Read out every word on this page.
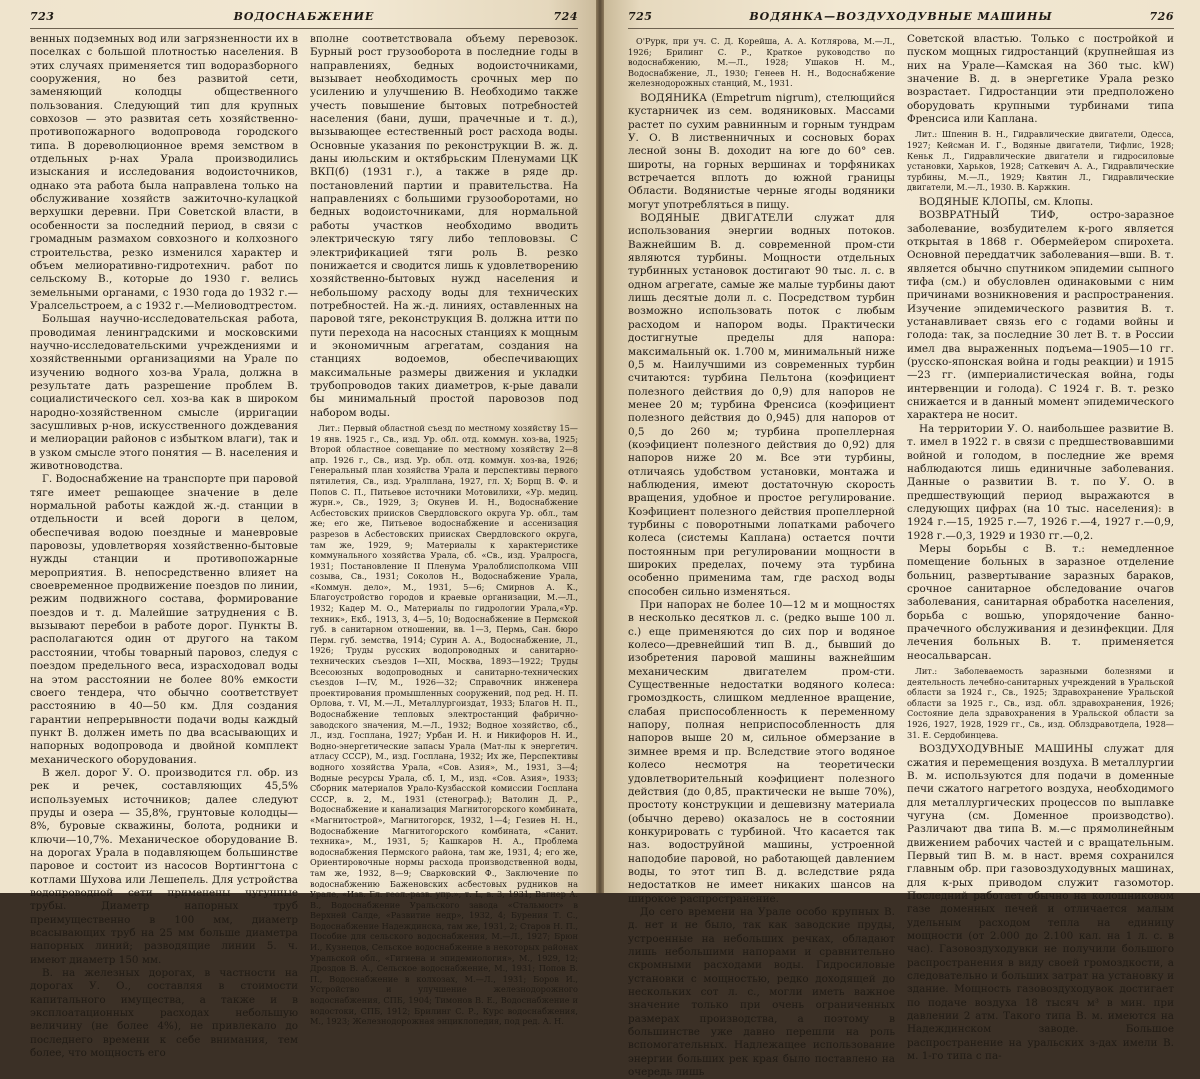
723	ВОДОСНАБЖЕНИЕ	724

венных подземных вод или загрязненности их в поселках с большой плотностью населения. В этих случаях применяется тип водоразборного сооружения, но без развитой сети, заменяющий колодцы общественного пользования. Следующий тип для крупных совхозов — это развитая сеть хозяйственно-противопожарного водопровода городского типа. В дореволюционное время земством в отдельных р-нах Урала производились изыскания и исследования водоисточников, однако эта работа была направлена только на обслуживание хозяйств зажиточно-кулацкой верхушки деревни. При Советской власти, в особенности за последний период, в связи с громадным размахом совхозного и колхозного строительства, резко изменился характер и объем мелиоративно-гидротехнич. работ по сельскому В., которые до 1930 г. велись земельными органами, с 1930 года до 1932 г.— Уралсельстроем, а с 1932 г.—Мелиоводтрестом.

Большая научно-исследовательская работа, проводимая ленинградскими и московскими научно-исследовательскими учреждениями и хозяйственными организациями на Урале по изучению водного хоз-ва Урала, должна в результате дать разрешение проблем В. социалистического сел. хоз-ва как в широком народно-хозяйственном смысле (ирригации засушливых р-нов, искусственного дождевания и мелиорации районов с избытком влаги), так и в узком смысле этого понятия — В. населения и животноводства.

Г. Водоснабжение на транспорте при паровой тяге имеет решающее значение в деле нормальной работы каждой ж.-д. станции в отдельности и всей дороги в целом, обеспечивая водою поездные и маневровые паровозы, удовлетворяя хозяйственно-бытовые нужды станции и противопожарные мероприятия. В. непосредственно влияет на своевременное продвижение поездов по линии, режим подвижного состава, формирование поездов и т. д. Малейшие затруднения с В. вызывают перебои в работе дорог. Пункты В. располагаются один от другого на таком расстоянии, чтобы товарный паровоз, следуя с поездом предельного веса, израсходовал воды на этом расстоянии не более 80% емкости своего тендера, что обычно соответствует расстоянию в 40—50 км. Для создания гарантии непрерывности подачи воды каждый пункт В. должен иметь по два всасывающих и напорных водопровода и двойной комплект механического оборудования.

В жел. дорог У. О. производится гл. обр. из рек и речек, составляющих 45,5% используемых источников; далее следуют пруды и озера — 35,8%, грунтовые колодцы—8%, буровые скважины, болота, родники и ключи—10,7%. Механическое оборудование В. на дорогах Урала в подавляющем большинстве паровое и состоит из насосов Вортингтона с котлами Шухова или Лешепель. Для устройства водопроводной сети применены чугунные трубы. Диаметр напорных труб преимущественно в 100 мм, диаметр всасывающих труб на 25 мм больше диаметра напорных линий; разводящие линии 5. ч. имеют диаметр 150 мм.

В. на железных дорогах, в частности на дорогах У. О., составляя в стоимости капитального имущества, а также и в эксплоатационных расходах небольшую величину (не более 4%), не привлекало до последнего времени к себе внимания, тем более, что мощность его

вполне соответствовала объему перевозок. Бурный рост грузооборота в последние годы в направлениях, бедных водоисточниками, вызывает необходимость срочных мер по усилению и улучшению В. Необходимо также учесть повышение бытовых потребностей населения (бани, души, прачечные и т. д.), вызывающее естественный рост расхода воды. Основные указания по реконструкции В. ж. д. даны июльским и октябрьским Пленумами ЦК ВКП(б) (1931 г.), а также в ряде др. постановлений партии и правительства. На направлениях с большими грузооборотами, но бедных водоисточниками, для нормальной работы участков необходимо вводить электрическую тягу либо теплововзы. С электрификацией тяги роль В. резко понижается и сводится лишь к удовлетворению хозяйственно-бытовых нужд населения и небольшому расходу воды для технических потребностей. На ж.-д. линиях, оставленных на паровой тяге, реконструкция В. должна итти по пути перехода на насосных станциях к мощным и экономичным агрегатам, создания на станциях водоемов, обеспечивающих максимальные размеры движения и укладки трубопроводов таких диаметров, к-рые давали бы минимальный простой паровозов под набором воды.

Лит.: Первый областной съезд по местному хозяйству 15—19 янв. 1925 г., Св., изд. Ур. обл. отд. коммун. хоз-ва, 1925; Второй областное совещание по местному хозяйству 2—8 апр. 1926 г., Св., изд. Ур. обл. отд. коммун. хоз-ва, 1926; Генеральный план хозяйства Урала и перспективы первого пятилетия, Св., изд. Уралплана, 1927, гл. X; Борщ В. Ф. и Попов С. П., Питьевое источники Мотовилихи, «Ур. медиц. журн.», Св., 1929, 3; Окунев И. Н., Водоснабжение Асбестовских приисков Свердловского округа Ур. обл., там же; его же, Питьевое водоснабжение и ассенизация разрезов в Асбестовских приисках Свердловского округа, там же, 1929, 9; Материалы к характеристике коммунального хозяйства Урала, сб. «Св., изд. Уралросга, 1931; Постановление II Пленума Уралоблисполкома VIII созыва, Св., 1931; Соколов Н., Водоснабжение Урала, «Коммун. дело», М., 1931, 5—6; Смирнов А. К., Благоустройство городов и краевые организации, М.—Л., 1932; Кадер М. О., Материалы по гидрологии Урала,«Ур. техник», Екб., 1913, 3, 4—5, 10; Водоснабжение в Пермской губ. в санитарном отношении, вв. 1—3, Пермь, Сан. бюро Перм. губ. земства, 1914; Сурин А. А., Водоснабжение, Л., 1926; Труды русских водопроводных и санитарно-технических съездов I—XII, Москва, 1893—1922; Труды Всесоюзных водопроводных и санитарно-технических съездов I—IV, М., 1926—32; Справочник инженера проектирования промышленных сооружений, под ред. Н. П. Орлова, т. VI, М.—Л., Металлургоиздат, 1933; Благов Н. П., Водоснабжение тепловых электростанций фабрично-заводского значения, М.—Л., 1932; Водное хозяйство, сб., Л., изд. Госплана, 1927; Урбан И. Н. и Никифоров Н. И., Водно-энергетические запасы Урала (Мат-лы к энергетич. атласу СССР), М., изд. Госплана, 1932; Их же, Перспективы водного хозяйства Урала, «Сов. Азия», М., 1931, 3—4; Водные ресурсы Урала, сб. I, М., изд. «Сов. Азия», 1933; Сборник материалов Урало-Кузбасской комиссии Госплана СССР, в. 2, М., 1931 (стенограф.); Ватолин Д. Р., Водоснабжение и канализация Магнитогорского комбината, «Магнитострой», Магнитогорск, 1932, 1—4; Гезиев Н. Н., Водоснабжение Магнитогорского комбината, «Санит. техника», М., 1931, 5; Кашкаров Н. А., Проблема водоснабжения Пермского района, там же, 1931, 4; его же, Ориентировочные нормы расхода производственной воды, там же, 1932, 8—9; Сварковский Ф., Заключение по водоснабжению Баженовских асбестовых рудников на Урале, «Изв. Гл. геол.-разв. упр.», т. L, в. 3, 1931; Вагнер А. В., Водоснабжение Уральского завода «Стальмост» в Верхней Салде, «Развитие недр», 1932, 4; Бурения Т. С., Водоснабжение Надеждинска, там же, 1931, 2; Старов Н. П., Пособие для сельского водоснабжения, М.—Л., 1927; Брюн И., Кузнецов, Сельское водоснабжение в некоторых районах Уральской обл., «Гигиена и эпидемиология», М., 1929, 12; Дроздов В. А., Сельское водоснабжение, М., 1931; Попов В. П., Водоснабжение в колхозах, М.—Л., 1931; Боров И., Устройство и улучшение железнодорожного водоснабжения, СПБ, 1904; Тимонов В. Е., Водоснабжение и водостоки, СПБ, 1912; Брилинг С. Р., Курс водоснабжения, М., 1923; Железнодорожная энциклопедия, под ред. А. Н.

725	ВОДЯНКА—ВОЗДУХОДУВНЫЕ МАШИНЫ	726

О'Рурк, при уч. С. Д. Корейша, А. А. Котлярова, М.—Л., 1926; Брилинг С. Р., Краткое руководство по водоснабжению, М.—Л., 1928; Ушаков Н. М., Водоснабжение, Л., 1930; Генеев Н. Н., Водоснабжение железнодорожных станций, М., 1931.

ВОДЯНИКА (Empetrum nigrum), стелющийся кустарничек из сем. водяниковых. Массами растет по сухим равнинным и горным тундрам У. О. В лиственничных и сосновых борах лесной зоны В. доходит на юге до 60° сев. широты, на горных вершинах и торфяниках встречается вплоть до южной границы Области. Водянистые черные ягоды водяники могут употребляться в пищу.

ВОДЯНЫЕ ДВИГАТЕЛИ служат для использования энергии водных потоков. Важнейшим В. д. современной пром-сти являются турбины. Мощности отдельных турбинных установок достигают 90 тыс. л. с. в одном агрегате, самые же малые турбины дают лишь десятые доли л. с. Посредством турбин возможно использовать поток с любым расходом и напором воды. Практически достигнутые пределы для напора: максимальный ок. 1.700 м, минимальный ниже 0,5 м. Наилучшими из современных турбин считаются: турбина Пельтона (коэфициент полезного действия до 0,9) для напоров не менее 20 м; турбина Френсиса (коэфициент полезного действия до 0,945) для напоров от 0,5 до 260 м; турбина пропеллерная (коэфициент полезного действия до 0,92) для напоров ниже 20 м. Все эти турбины, отличаясь удобством установки, монтажа и наблюдения, имеют достаточную скорость вращения, удобное и простое регулирование. Коэфициент полезного действия пропеллерной турбины с поворотными лопатками рабочего колеса (системы Каплана) остается почти постоянным при регулировании мощности в широких пределах, почему эта турбина особенно применима там, где расход воды способен сильно изменяться.

При напорах не более 10—12 м и мощностях в несколько десятков л. с. (редко выше 100 л. с.) еще применяются до сих пор и водяное колесо—древнейший тип В. д., бывший до изобретения паровой машины важнейшим механическим двигателем пром-сти. Существенные недостатки водяного колеса: громоздкость, слишком медленное вращение, слабая приспособленность к переменному напору, полная неприспособленность для напоров выше 20 м, сильное обмерзание в зимнее время и пр. Вследствие этого водяное колесо несмотря на теоретически удовлетворительный коэфициент полезного действия (до 0,85, практически не выше 70%), простоту конструкции и дешевизну материала (обычно дерево) оказалось не в состоянии конкурировать с турбиной. Что касается так наз. водоструйной машины, устроенной наподобие паровой, но работающей давлением воды, то этот тип В. д. вследствие ряда недостатков не имеет никаких шансов на широкое распространение.

До сего времени на Урале особо крупных В. д. нет и не было, так как заводские пруды, устроенные на небольших речках, обладают лишь небольшими напорами и сравнительно скромными расходами воды. Гидросиловые установки с мощностью, редко доходящей до нескольких сот л. с., могли иметь важное значение только при очень ограниченных размерах производства, а поэтому в большинстве уже давно перешли на роль вспомогательных. Надлежащее использование энергии больших рек края было поставлено на очередь лишь

Советской властью. Только с постройкой и пуском мощных гидростанций (крупнейшая из них на Урале—Камская на 360 тыс. kW) значение В. д. в энергетике Урала резко возрастает. Гидростанции эти предположено оборудовать крупными турбинами типа Френсиса или Каплана.

Лит.: Шпенин В. Н., Гидравлические двигатели, Одесса, 1927; Кейсман И. Г., Водяные двигатели, Тифлис, 1928; Кеньк Л., Гидравлические двигатели и гидросиловые установки, Харьков, 1928; Саткевич А. А., Гидравлические турбины, М.—Л., 1929; Квятин Л., Гидравлические двигатели, М.—Л., 1930. В. Каржкин.

ВОДЯНЫЕ КЛОПЫ, см. Клопы.

ВОЗВРАТНЫЙ ТИФ, остро-заразное заболевание, возбудителем к-рого является открытая в 1868 г. Обермейером спирохета. Основной переддатчик заболевания—вши. В. т. является обычно спутником эпидемии сыпного тифа (см.) и обусловлен одинаковыми с ним причинами возникновения и распространения. Изучение эпидемического развития В. т. устанавливает связь его с годами войны и голода: так, за последние 30 лет В. т. в России имел два выраженных подъема—1905—10 гг. (русско-японская война и годы реакции) и 1915—23 гг. (империалистическая война, годы интервенции и голода). С 1924 г. В. т. резко снижается и в данный момент эпидемического характера не носит.

На территории У. О. наибольшее развитие В. т. имел в 1922 г. в связи с предшествовавшими войной и голодом, в последние же время наблюдаются лишь единичные заболевания. Данные о развитии В. т. по У. О. в предшествующий период выражаются в следующих цифрах (на 10 тыс. населения): в 1924 г.—15, 1925 г.—7, 1926 г.—4, 1927 г.—0,9, 1928 г.—0,3, 1929 и 1930 гг.—0,2.

Меры борьбы с В. т.: немедленное помещение больных в заразное отделение больниц, развертывание заразных бараков, срочное санитарное обследование очагов заболевания, санитарная обработка населения, борьба с вошью, упорядочение банно-прачечного обслуживания и дезинфекции. Для лечения больных В. т. применяется неосальварсан.

Лит.: Заболеваемость заразными болезнями и деятельность лечебно-санитарных учреждений в Уральской области за 1924 г., Св., 1925; Здравохранение Уральской области за 1925 г., Св., изд. обл. здравохранения, 1926; Состояние дела здравохранения в Уральской области за 1926, 1927, 1928, 1929 гг., Св., изд. Облздравотдела, 1928—31. Е. Сердобинцева.

ВОЗДУХОДУВНЫЕ МАШИНЫ служат для сжатия и перемещения воздуха. В металлургии В. м. используются для подачи в доменные печи сжатого нагретого воздуха, необходимого для металлургических процессов по выплавке чугуна (см. Доменное производство). Различают два типа В. м.—с прямолинейным движением рабочих частей и с вращательным. Первый тип В. м. в наст. время сохранился главным обр. при газовоздуходувных машинах, для к-рых приводом служит газомотор. Последний работает обычно на колошниковом газе доменных печей и отличается малым удельным расходом тепла на единицу мощности (от 2.000 до 2.100 кал. на 1 л. с. в час). Газовоздуходувки не получили большого распространения в виду своей громоздкости, а следовательно и больших затрат на установку и здание. Мощность газовоздуходувок достигает по подаче воздуха 18 тысяч м³ в мин. при давлении 2 атм. Такого типа В. м. имеются на Надеждинском заводе. Большое распространение на уральских з-дах имели В. м. 1-го типа с па-
